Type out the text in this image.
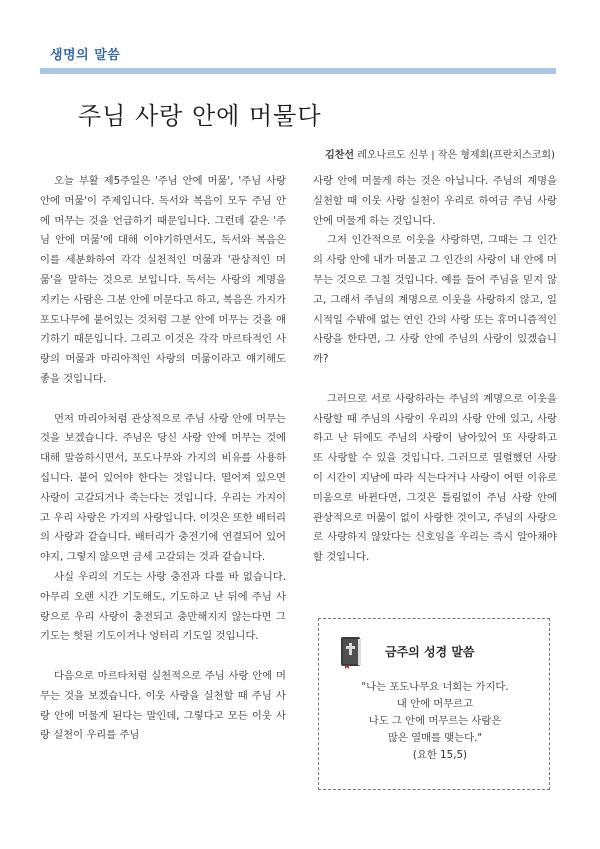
생명의 말씀
주님 사랑 안에 머물다
김찬선 레오나르도 신부 | 작은 형제회(프란치스코회)

오늘 부활 제5주일은 '주님 안에 머묾', '주님 사랑 안에 머묾'이 주제입니다. 독서와 복음이 모두 주님 안에 머무는 것을 언급하기 때문입니다. 그런데 같은 '주님 안에 머묾'에 대해 이야기하면서도, 독서와 복음은 이를 세분화하여 각각 실천적인 머묾과 '관상적인 머묾'을 말하는 것으로 보입니다. 독서는 사랑의 계명을 지키는 사람은 그분 안에 머문다고 하고, 복음은 가지가 포도나무에 붙어있는 것처럼 그분 안에 머무는 것을 얘기하기 때문입니다. 그리고 이것은 각각 마르타적인 사랑의 머묾과 마리아적인 사랑의 머묾이라고 얘기해도 좋을 것입니다.

먼저 마리아처럼 관상적으로 주님 사랑 안에 머무는 것을 보겠습니다. 주님은 당신 사랑 안에 머무는 것에 대해 말씀하시면서, 포도나무와 가지의 비유를 사용하십니다. 붙어 있어야 한다는 것입니다. 떨어져 있으면 사랑이 고갈되거나 죽는다는 것입니다. 우리는 가지이고 우리 사랑은 가지의 사랑입니다. 이것은 또한 배터리의 사랑과 같습니다. 배터리가 충전기에 연결되어 있어야지, 그렇지 않으면 금세 고갈되는 것과 같습니다.

사실 우리의 기도는 사랑 충전과 다를 바 없습니다. 아무리 오랜 시간 기도해도, 기도하고 난 뒤에 주님 사랑으로 우리 사랑이 충전되고 충만해지지 않는다면 그 기도는 헛된 기도이거나 엉터리 기도일 것입니다.

다음으로 마르타처럼 실천적으로 주님 사랑 안에 머무는 것을 보겠습니다. 이웃 사랑을 실천할 때 주님 사랑 안에 머물게 된다는 말인데, 그렇다고 모든 이웃 사랑 실천이 우리를 주님

사랑 안에 머물게 하는 것은 아닙니다. 주님의 계명을 실천할 때 이웃 사랑 실천이 우리로 하여금 주님 사랑 안에 머물게 하는 것입니다.

그저 인간적으로 이웃을 사랑하면, 그때는 그 인간의 사랑 안에 내가 머물고 그 인간의 사랑이 내 안에 머무는 것으로 그칠 것입니다. 예를 들어 주님을 믿지 않고, 그래서 주님의 계명으로 이웃을 사랑하지 않고, 일시적일 수밖에 없는 연인 간의 사랑 또는 휴머니즘적인 사랑을 한다면, 그 사랑 안에 주님의 사랑이 있겠습니까?

그러므로 서로 사랑하라는 주님의 계명으로 이웃을 사랑할 때 주님의 사랑이 우리의 사랑 안에 있고, 사랑하고 난 뒤에도 주님의 사랑이 남아있어 또 사랑하고 또 사랑할 수 있을 것입니다. 그러므로 열렬했던 사랑이 시간이 지남에 따라 식는다거나 사랑이 어떤 이유로 미움으로 바뀐다면, 그것은 틀림없이 주님 사랑 안에 관상적으로 머묾이 없이 사랑한 것이고, 주님의 사랑으로 사랑하지 않았다는 신호임을 우리는 즉시 알아채야 할 것입니다.

금주의 성경 말씀
"나는 포도나무요 너희는 가지다.
내 안에 머무르고
나도 그 안에 머무르는 사람은
많은 열매를 맺는다."
(요한 15,5)
